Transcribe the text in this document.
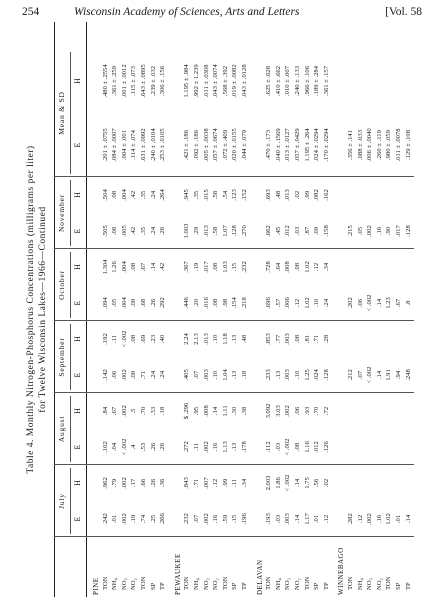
254	Wisconsin Academy of Sciences, Arts and Letters	[Vol. 58
Table 4. Monthly Nitrogen-Phosphorus Concentrations (milligrams per liter) for Twelve Wisconsin Lakes—1966—Continued
July
E
H
August
E
H
September E
H
October
E
H
November E
H
Mean & SD
E
H
PINE TON
.242
.962
.102
.84
.142
.192
.094
1.304
.505
.504
.201 ± .0755
.480 ± .2554
NH₄
.01
.79
.04
.67
.06
.11
.05
1.26
.08
.08
.084 ± .0007
.361 ± .259
NO₃
.002
.002
< .002
.002
.002
< .002
.004
.004
.005
.004
.004 ± .001
.001 ± .0012
NO₂
.19
.17
.4
.5
.08
.08
.08
.08
.42
.42
.114 ± .074
.115 ± .073
TON
.74
.66
.53
.70
.71
.69
.68
.67
.35
.35
.631 ± .0992
.643 ± .0895
SP
.25
.26
.26
.33
.24
.23
.26
.14
.24
.24
.240 ± .0104
.239 ± .032
TP
.266
.36
.26
.18
.24
.40
.292
.42
.26
.264
.253 ± .0105
.306 ± .156
PEWAUKEE TON
.232
.843
.272
$ .296
.405
2.24
.446
.367
1.003
.945
.421 ± .186
1.195 ± .984
NH₄
.07
.71
.11
.95
.07
2.13
.20
.19
.29
.35
.092 ± .186
.992 ± 1.239
NO₃
.002
.007
.002
.008
.003
.013
.016
.017
.013
.015
.005 ± .0038
.011 ± .0308
NO₂
.16
.12
.16
.14
.10
.10
.08
.08
.58
.58
.057 ± .0674
.043 ± .0074
TON
.59
.99
1.13
1.11
1.04
1.18
.98
1.03
1.07
.54
.072 ± .409
.568 ± .392
SP
.15
.11
.13
.30
.13
.13
.154
.15
.128
.123
.020 ± .0155
.019 ± .0082
TP
.196
.34
.178
.38
.18
.48
.218
.232
.270
.152
.044 ± .079
.043 ± .0128
DELAVAN TON
.193
2.003
.112
3.092
.233
.853
.696
.728
.662
.693
.470 ± .173
.625 ± .628
NH₄
.03
1.86
.03
3.03
.13
.77
.57
.64
.45
.48
.040 ± .1569
.410 ± .662
NO₃
.003
< .002
< .002
.002
.003
.003
.006
.008
.012
.013
.013 ± .0127
.010 ± .007
NO₂
.14
.14
.08
.06
.10
.08
.12
.08
.03
.02
.057 ± .0429
.240 ± .133
TON
1.17
1.75
1.16
.93
1.25
.81
1.02
1.02
.87
.99
1.195 ± .264
.966 ± .106
SP
.01
.56
.012
.70
.024
.71
.10
.12
.09
.082
.024 ± .0294
.189 ± .284
TP
.12
.02
.126
.72
.128
.28
.24
.34
.158
.162
.170 ± .0294
.361 ± .157
WINNEBAGO TON
.282
.212
.202
.215
.356 ± .141
NH₄
.12
.07
.06
.05
.088 ± .033
NO₃
.002
< .002
< .002
.002
.006 ± .0040
NO₂
.16
.14
.14
.16
.260 ± .119
TON
1.02
1.91
1.23
.90
.980 ± .059
SP
.01
.94
.67
.017
.011 ± .0078
TP
.14
.248
.8
.128
.129 ± .108
